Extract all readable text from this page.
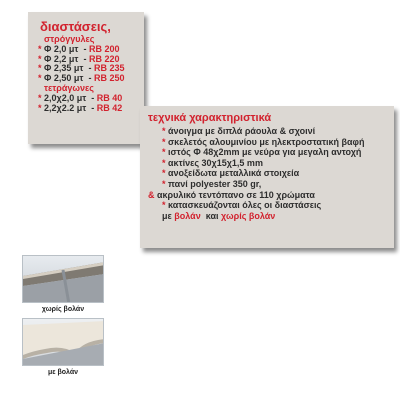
διαστάσεις,
στρόγγυλες
* Φ 2,0 μτ  - RB 200
* Φ 2,2 μτ  - RB 220
* Φ 2,35 μτ  - RB 235
* Φ 2,50 μτ  - RB 250
τετράγωνες
* 2,0χ2,0 μτ  - RB 40
* 2,2χ2.2 μτ  - RB 42
τεχνικά χαρακτηριστικά
* άνοιγμα με διπλά ράουλα & σχοινί
* σκελετός αλουμινίου με ηλεκτροστατική βαφή
* ιστός Φ 48χ2mm με νεύρα για μεγαλη αντοχή
* ακτίνες 30χ15χ1,5 mm
* ανοξείδωτα μεταλλικά στοιχεία
* πανί polyester 350 gr,
& ακρυλικό τεντόπανο σε 110 χρώματα
* κατασκευάζονται όλες οι διαστάσεις
με βολάν και χωρίς βολάν
χωρίς βολάν
με βολάν
